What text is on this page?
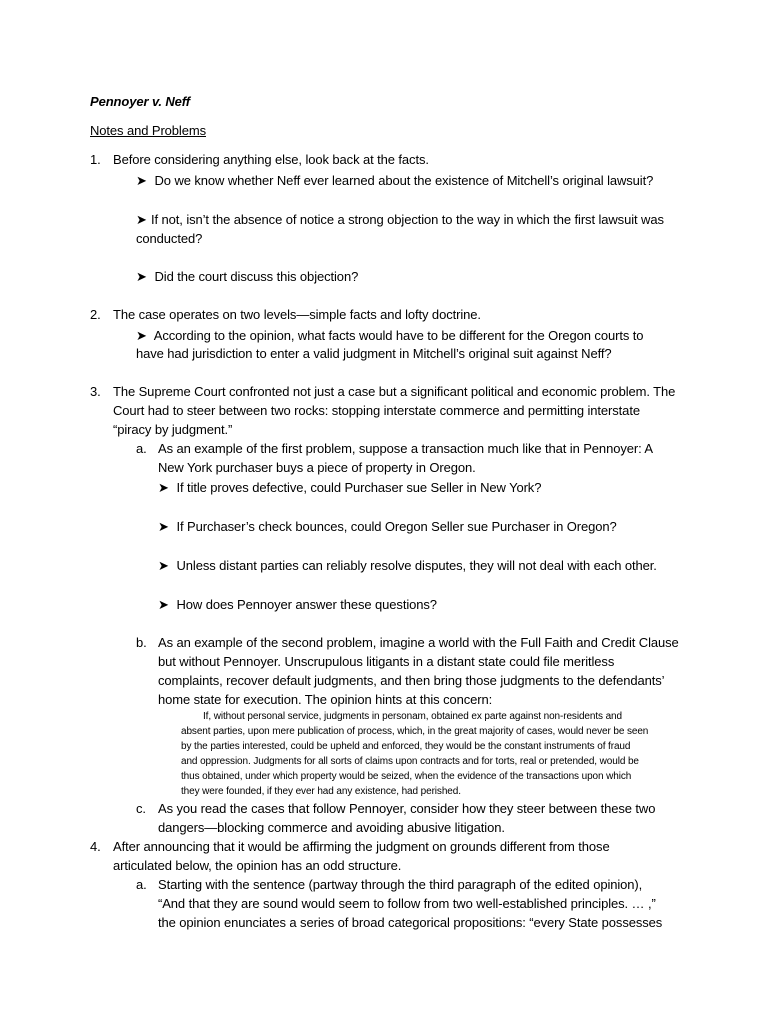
Pennoyer v. Neff
Notes and Problems
1. Before considering anything else, look back at the facts.
➤ Do we know whether Neff ever learned about the existence of Mitchell’s original lawsuit?
➤ If not, isn’t the absence of notice a strong objection to the way in which the first lawsuit was
conducted?
➤ Did the court discuss this objection?
2. The case operates on two levels—simple facts and lofty doctrine.
➤ According to the opinion, what facts would have to be different for the Oregon courts to
have had jurisdiction to enter a valid judgment in Mitchell’s original suit against Neff?
3. The Supreme Court confronted not just a case but a significant political and economic problem. The
Court had to steer between two rocks: stopping interstate commerce and permitting interstate
“piracy by judgment.”
a. As an example of the first problem, suppose a transaction much like that in Pennoyer: A
New York purchaser buys a piece of property in Oregon.
➤ If title proves defective, could Purchaser sue Seller in New York?
➤ If Purchaser’s check bounces, could Oregon Seller sue Purchaser in Oregon?
➤ Unless distant parties can reliably resolve disputes, they will not deal with each other.
➤ How does Pennoyer answer these questions?
b. As an example of the second problem, imagine a world with the Full Faith and Credit Clause
but without Pennoyer. Unscrupulous litigants in a distant state could file meritless
complaints, recover default judgments, and then bring those judgments to the defendants’
home state for execution. The opinion hints at this concern:
If, without personal service, judgments in personam, obtained ex parte against non-residents and
absent parties, upon mere publication of process, which, in the great majority of cases, would never be seen
by the parties interested, could be upheld and enforced, they would be the constant instruments of fraud
and oppression. Judgments for all sorts of claims upon contracts and for torts, real or pretended, would be
thus obtained, under which property would be seized, when the evidence of the transactions upon which
they were founded, if they ever had any existence, had perished.
c. As you read the cases that follow Pennoyer, consider how they steer between these two
dangers—blocking commerce and avoiding abusive litigation.
4. After announcing that it would be affirming the judgment on grounds different from those
articulated below, the opinion has an odd structure.
a. Starting with the sentence (partway through the third paragraph of the edited opinion),
“And that they are sound would seem to follow from two well-established principles. … ,”
the opinion enunciates a series of broad categorical propositions: “every State possesses
